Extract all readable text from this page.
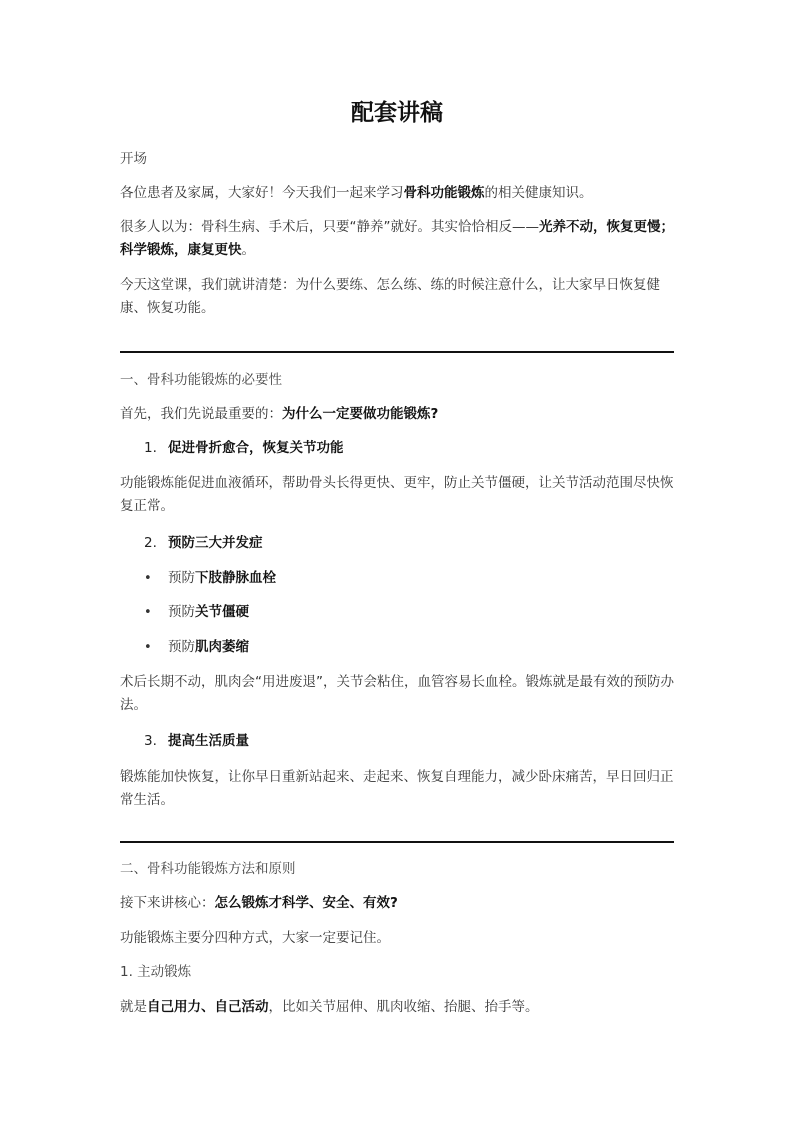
配套讲稿
开场
各位患者及家属，大家好！今天我们一起来学习骨科功能锻炼的相关健康知识。
很多人以为：骨科生病、手术后，只要“静养”就好。其实恰恰相反——光养不动，恢复更慢；科学锻炼，康复更快。
今天这堂课，我们就讲清楚：为什么要练、怎么练、练的时候注意什么，让大家早日恢复健康、恢复功能。
一、骨科功能锻炼的必要性
首先，我们先说最重要的：为什么一定要做功能锻炼?
1. 促进骨折愈合，恢复关节功能
功能锻炼能促进血液循环，帮助骨头长得更快、更牢，防止关节僵硬，让关节活动范围尽快恢复正常。
2. 预防三大并发症
• 预防下肢静脉血栓
• 预防关节僵硬
• 预防肌肉萎缩
术后长期不动，肌肉会“用进废退”，关节会粘住，血管容易长血栓。锻炼就是最有效的预防办法。
3. 提高生活质量
锻炼能加快恢复，让你早日重新站起来、走起来、恢复自理能力，减少卧床痛苦，早日回归正常生活。
二、骨科功能锻炼方法和原则
接下来讲核心：怎么锻炼才科学、安全、有效?
功能锻炼主要分四种方式，大家一定要记住。
1. 主动锻炼
就是自己用力、自己活动，比如关节屈伸、肌肉收缩、抬腿、抬手等。
